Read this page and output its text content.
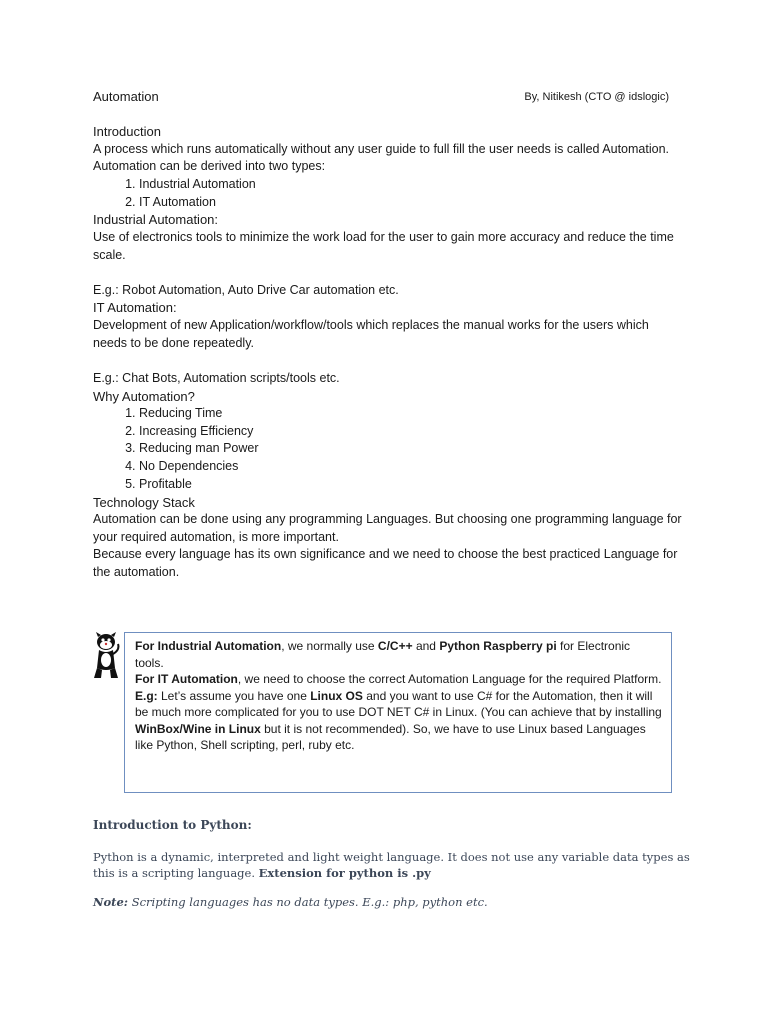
Automation	By, Nitikesh (CTO @ idslogic)

Introduction

A process which runs automatically without any user guide to full fill the user needs is called Automation.

Automation can be derived into two types:

1. Industrial Automation
2. IT Automation

Industrial Automation:

Use of electronics tools to minimize the work load for the user to gain more accuracy and reduce the time scale.

E.g.: Robot Automation, Auto Drive Car automation etc.

IT Automation:

Development of new Application/workflow/tools which replaces the manual works for the users which needs to be done repeatedly.

E.g.: Chat Bots, Automation scripts/tools etc.

Why Automation?

1. Reducing Time
2. Increasing Efficiency
3. Reducing man Power
4. No Dependencies
5. Profitable

Technology Stack

Automation can be done using any programming Languages. But choosing one programming language for your required automation, is more important.

Because every language has its own significance and we need to choose the best practiced Language for the automation.

For Industrial Automation, we normally use C/C++ and Python Raspberry pi for Electronic tools.
For IT Automation, we need to choose the correct Automation Language for the required Platform.
E.g: Let’s assume you have one Linux OS and you want to use C# for the Automation, then it will be much more complicated for you to use DOT NET C# in Linux. (You can achieve that by installing WinBox/Wine in Linux but it is not recommended). So, we have to use Linux based Languages like Python, Shell scripting, perl, ruby etc.
Introduction to Python:
Python is a dynamic, interpreted and light weight language. It does not use any variable data types as this is a scripting language. Extension for python is .py
Note: Scripting languages has no data types. E.g.: php, python etc.
